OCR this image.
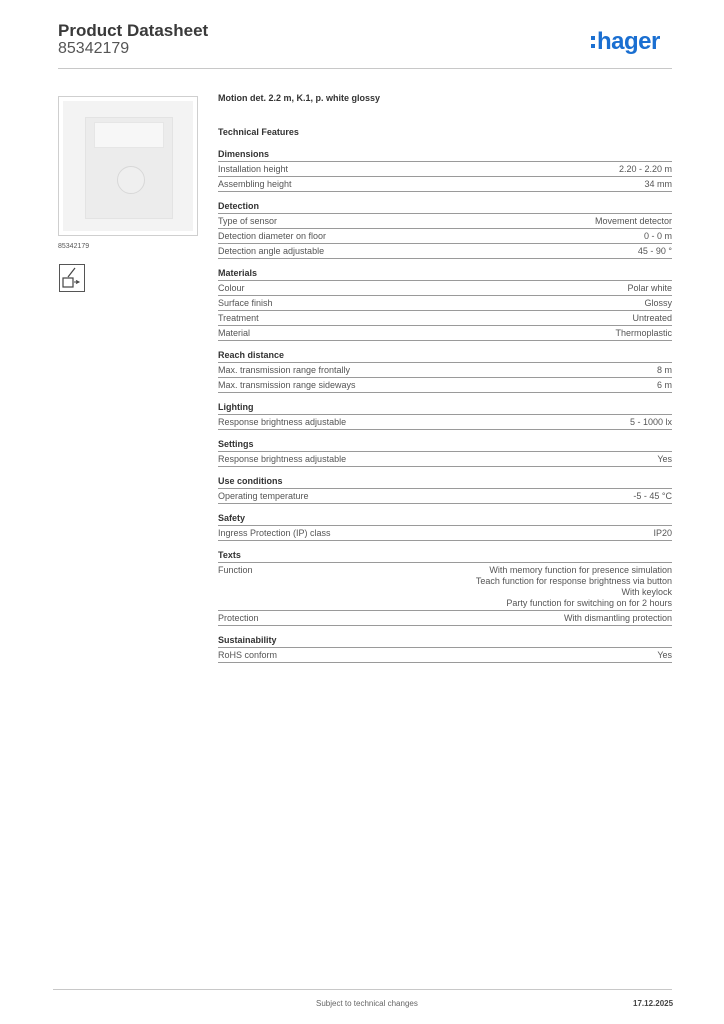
Product Datasheet
85342179	hager
85342179
Motion det. 2.2 m, K.1, p. white glossy
Technical Features
Dimensions
Installation height	2.20 - 2.20 m
Assembling height	34 mm
Detection
Type of sensor	Movement detector
Detection diameter on floor	0 - 0 m
Detection angle adjustable	45 - 90 °
Materials
Colour	Polar white
Surface finish	Glossy
Treatment	Untreated
Material	Thermoplastic
Reach distance
Max. transmission range frontally	8 m
Max. transmission range sideways	6 m
Lighting
Response brightness adjustable	5 - 1000 lx
Settings
Response brightness adjustable	Yes
Use conditions
Operating temperature	-5 - 45 °C
Safety
Ingress Protection (IP) class	IP20
Texts
Function	With memory function for presence simulation
Teach function for response brightness via button
With keylock
Party function for switching on for 2 hours
Protection	With dismantling protection
Sustainability
RoHS conform	Yes
Subject to technical changes	17.12.2025
